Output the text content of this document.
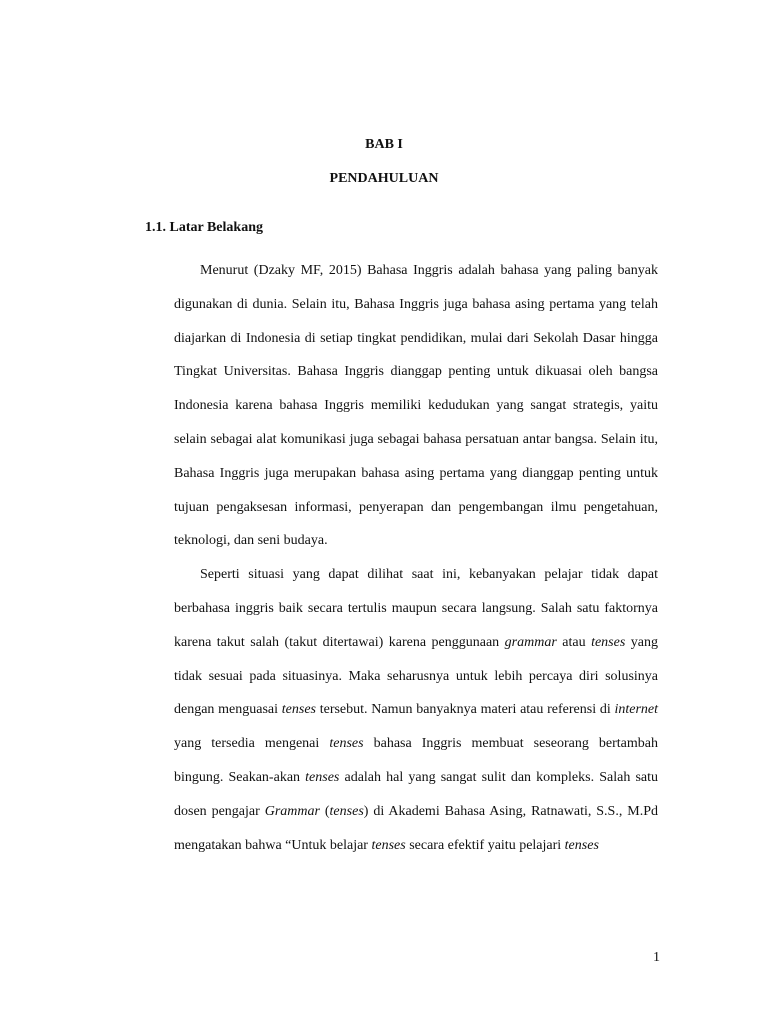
BAB I
PENDAHULUAN
1.1. Latar Belakang

Menurut (Dzaky MF, 2015) Bahasa Inggris adalah bahasa yang paling banyak digunakan di dunia. Selain itu, Bahasa Inggris juga bahasa asing pertama yang telah diajarkan di Indonesia di setiap tingkat pendidikan, mulai dari Sekolah Dasar hingga Tingkat Universitas. Bahasa Inggris dianggap penting untuk dikuasai oleh bangsa Indonesia karena bahasa Inggris memiliki kedudukan yang sangat strategis, yaitu selain sebagai alat komunikasi juga sebagai bahasa persatuan antar bangsa. Selain itu, Bahasa Inggris juga merupakan bahasa asing pertama yang dianggap penting untuk tujuan pengaksesan informasi, penyerapan dan pengembangan ilmu pengetahuan, teknologi, dan seni budaya.

Seperti situasi yang dapat dilihat saat ini, kebanyakan pelajar tidak dapat berbahasa inggris baik secara tertulis maupun secara langsung. Salah satu faktornya karena takut salah (takut ditertawai) karena penggunaan grammar atau tenses yang tidak sesuai pada situasinya. Maka seharusnya untuk lebih percaya diri solusinya dengan menguasai tenses tersebut. Namun banyaknya materi atau referensi di internet yang tersedia mengenai tenses bahasa Inggris membuat seseorang bertambah bingung. Seakan-akan tenses adalah hal yang sangat sulit dan kompleks. Salah satu dosen pengajar Grammar (tenses) di Akademi Bahasa Asing, Ratnawati, S.S., M.Pd mengatakan bahwa “Untuk belajar tenses secara efektif yaitu pelajari tenses

1
